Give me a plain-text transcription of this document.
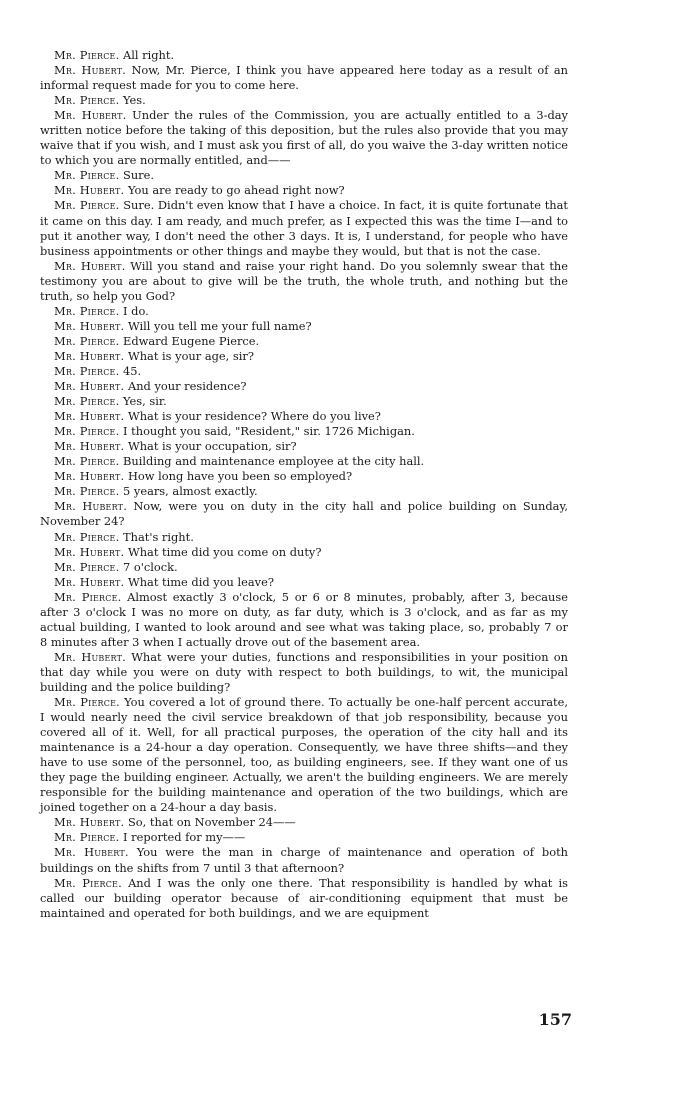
Mr. Pierce. All right.

Mr. Hubert. Now, Mr. Pierce, I think you have appeared here today as a result of an informal request made for you to come here.

Mr. Pierce. Yes.

Mr. Hubert. Under the rules of the Commission, you are actually entitled to a 3-day written notice before the taking of this deposition, but the rules also provide that you may waive that if you wish, and I must ask you first of all, do you waive the 3-day written notice to which you are normally entitled, and——

Mr. Pierce. Sure.

Mr. Hubert. You are ready to go ahead right now?

Mr. Pierce. Sure. Didn't even know that I have a choice. In fact, it is quite fortunate that it came on this day. I am ready, and much prefer, as I expected this was the time I—and to put it another way, I don't need the other 3 days. It is, I understand, for people who have business appointments or other things and maybe they would, but that is not the case.

Mr. Hubert. Will you stand and raise your right hand. Do you solemnly swear that the testimony you are about to give will be the truth, the whole truth, and nothing but the truth, so help you God?

Mr. Pierce. I do.

Mr. Hubert. Will you tell me your full name?

Mr. Pierce. Edward Eugene Pierce.

Mr. Hubert. What is your age, sir?

Mr. Pierce. 45.

Mr. Hubert. And your residence?

Mr. Pierce. Yes, sir.

Mr. Hubert. What is your residence? Where do you live?

Mr. Pierce. I thought you said, "Resident," sir. 1726 Michigan.

Mr. Hubert. What is your occupation, sir?

Mr. Pierce. Building and maintenance employee at the city hall.

Mr. Hubert. How long have you been so employed?

Mr. Pierce. 5 years, almost exactly.

Mr. Hubert. Now, were you on duty in the city hall and police building on Sunday, November 24?

Mr. Pierce. That's right.

Mr. Hubert. What time did you come on duty?

Mr. Pierce. 7 o'clock.

Mr. Hubert. What time did you leave?

Mr. Pierce. Almost exactly 3 o'clock, 5 or 6 or 8 minutes, probably, after 3, because after 3 o'clock I was no more on duty, as far duty, which is 3 o'clock, and as far as my actual building, I wanted to look around and see what was taking place, so, probably 7 or 8 minutes after 3 when I actually drove out of the basement area.

Mr. Hubert. What were your duties, functions and responsibilities in your position on that day while you were on duty with respect to both buildings, to wit, the municipal building and the police building?

Mr. Pierce. You covered a lot of ground there. To actually be one-half percent accurate, I would nearly need the civil service breakdown of that job responsibility, because you covered all of it. Well, for all practical purposes, the operation of the city hall and its maintenance is a 24-hour a day operation. Consequently, we have three shifts—and they have to use some of the personnel, too, as building engineers, see. If they want one of us they page the building engineer. Actually, we aren't the building engineers. We are merely responsible for the building maintenance and operation of the two buildings, which are joined together on a 24-hour a day basis.

Mr. Hubert. So, that on November 24——

Mr. Pierce. I reported for my——

Mr. Hubert. You were the man in charge of maintenance and operation of both buildings on the shifts from 7 until 3 that afternoon?

Mr. Pierce. And I was the only one there. That responsibility is handled by what is called our building operator because of air-conditioning equipment that must be maintained and operated for both buildings, and we are equipment

157
